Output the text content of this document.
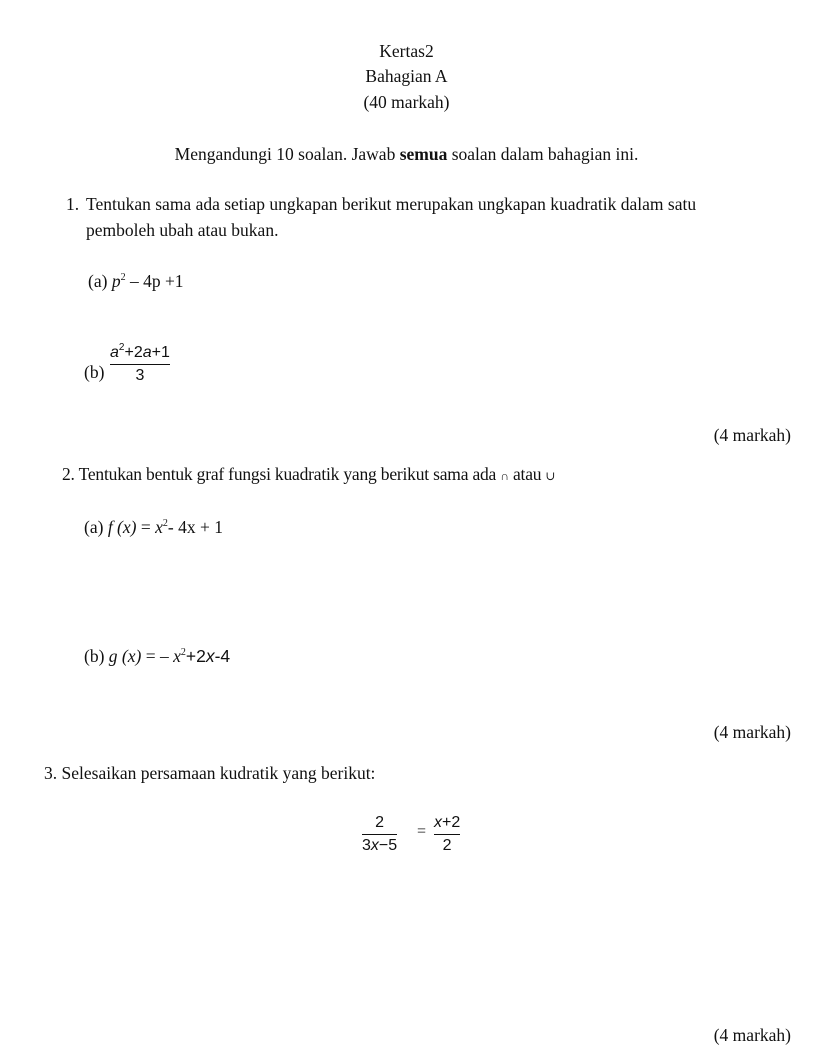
Kertas2
Bahagian A
(40 markah)
Mengandungi 10 soalan. Jawab semua soalan dalam bahagian ini.
1. Tentukan sama ada setiap ungkapan berikut merupakan ungkapan kuadratik dalam satu
pemboleh ubah atau bukan.
(a) $p^2 - 4p +1$
(b)
$a^2+2a+1$
3
(4 markah)
2. Tentukan bentuk graf fungsi kuadratik yang berikut sama ada ∩ atau ∪
(a) f $(x) = x^2-$ 4x + 1
(b) g (x) = – $x^2+2x-4$
(4 markah)
3. Selesaikan persamaan kudratik yang berikut:
2
3x−5
=
x+2
2
(4 markah)
